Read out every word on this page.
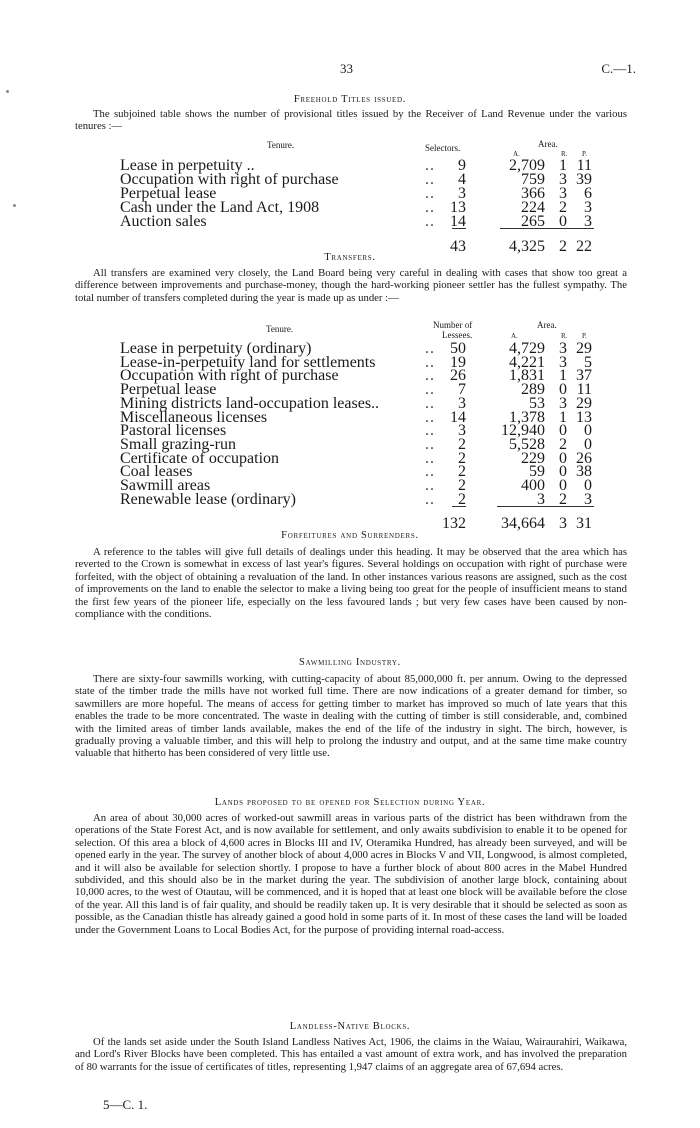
33	C.—1.
Freehold Titles issued.

The subjoined table shows the number of provisional titles issued by the Receiver of Land Revenue under the various tenures :—

Tenure.	Selectors.	Area.
A.	R. P.
Lease in perpetuity ..	..	9	2,709 1 11
Occupation with right of purchase	..	4	759 3 39
Perpetual lease	..	3	366 3	6
Cash under the Land Act, 1908	.. 13	224 2	3
Auction sales	.. 14	265 0	3
43	4,325 2 22
Transfers.

All transfers are examined very closely, the Land Board being very careful in dealing with cases that show too great a difference between improvements and purchase-money, though the hard-working pioneer settler has the fullest sympathy. The total number of transfers completed during the year is made up as under :—

Tenure.	Number of
Lessees.
Area.
A.	R. P.
Lease in perpetuity (ordinary)	.. 50	4,729 3 29
Lease-in-perpetuity land for settlements	.. 19	4,221 3	5
Occupation with right of purchase	.. 26	1,831 1 37
Perpetual lease	..	7	289 0 11
Mining districts land-occupation leases..	..	3	53 3 29
Miscellaneous licenses	.. 14	1,378 1 13
Pastoral licenses	..	3	12,940 0	0
Small grazing-run	..	2	5,528 2	0
Certificate of occupation	..	2	229 0 26
Coal leases	..	2	59 0 38
Sawmill areas	..	2	400 0	0
Renewable lease (ordinary)	..	2	3 2	3
132	34,664 3 31
Forfeitures and Surrenders.

A reference to the tables will give full details of dealings under this heading. It may be observed that the area which has reverted to the Crown is somewhat in excess of last year's figures. Several holdings on occupation with right of purchase were forfeited, with the object of obtaining a revaluation of the land. In other instances various reasons are assigned, such as the cost of improvements on the land to enable the selector to make a living being too great for the people of insufficient means to stand the first few years of the pioneer life, especially on the less favoured lands ; but very few cases have been caused by non-compliance with the conditions.

Sawmilling Industry.

There are sixty-four sawmills working, with cutting-capacity of about 85,000,000 ft. per annum. Owing to the depressed state of the timber trade the mills have not worked full time. There are now indications of a greater demand for timber, so sawmillers are more hopeful. The means of access for getting timber to market has improved so much of late years that this enables the trade to be more concentrated. The waste in dealing with the cutting of timber is still considerable, and, combined with the limited areas of timber lands available, makes the end of the life of the industry in sight. The birch, however, is gradually proving a valuable timber, and this will help to prolong the industry and output, and at the same time make country valuable that hitherto has been considered of very little use.

Lands proposed to be opened for Selection during Year.

An area of about 30,000 acres of worked-out sawmill areas in various parts of the district has been withdrawn from the operations of the State Forest Act, and is now available for settlement, and only awaits subdivision to enable it to be opened for selection. Of this area a block of 4,600 acres in Blocks III and IV, Oteramika Hundred, has already been surveyed, and will be opened early in the year. The survey of another block of about 4,000 acres in Blocks V and VII, Longwood, is almost completed, and it will also be available for selection shortly. I propose to have a further block of about 800 acres in the Mabel Hundred subdivided, and this should also be in the market during the year. The subdivision of another large block, containing about 10,000 acres, to the west of Otautau, will be commenced, and it is hoped that at least one block will be available before the close of the year. All this land is of fair quality, and should be readily taken up. It is very desirable that it should be selected as soon as possible, as the Canadian thistle has already gained a good hold in some parts of it. In most of these cases the land will be loaded under the Government Loans to Local Bodies Act, for the purpose of providing internal road-access.

Landless-Native Blocks.

Of the lands set aside under the South Island Landless Natives Act, 1906, the claims in the Waiau, Wairaurahiri, Waikawa, and Lord's River Blocks have been completed. This has entailed a vast amount of extra work, and has involved the preparation of 80 warrants for the issue of certificates of titles, representing 1,947 claims of an aggregate area of 67,694 acres.

5—C. 1.
